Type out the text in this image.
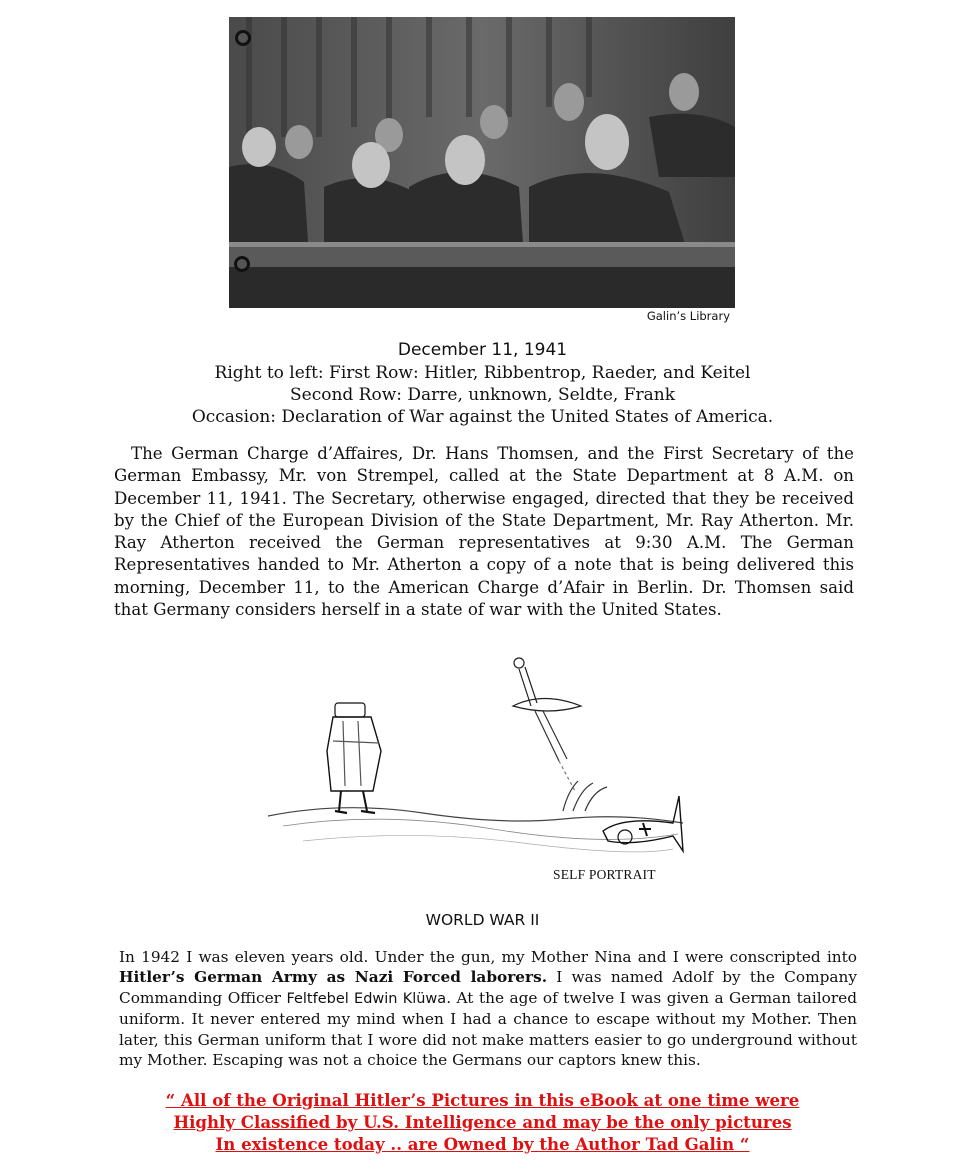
Galin’s Library
December 11, 1941
Right to left: First Row: Hitler, Ribbentrop, Raeder, and Keitel
Second Row: Darre, unknown, Seldte, Frank
Occasion: Declaration of War against the United States of America.

The German Charge d’Affaires, Dr. Hans Thomsen, and the First Secretary of the German Embassy, Mr. von Strempel, called at the State Department at 8 A.M. on December 11, 1941. The Secretary, otherwise engaged, directed that they be received by the Chief of the European Division of the State Department, Mr. Ray Atherton. Mr. Ray Atherton received the German representatives at 9:30 A.M. The German Representatives handed to Mr. Atherton a copy of a note that is being delivered this morning, December 11, to the American Charge d’Afair in Berlin. Dr. Thomsen said that Germany considers herself in a state of war with the United States.

SELF PORTRAIT
WORLD WAR II

In 1942 I was eleven years old. Under the gun, my Mother Nina and I were conscripted into Hitler’s German Army as Nazi Forced laborers. I was named Adolf by the Company Commanding Officer Feltfebel Edwin Klüwa. At the age of twelve I was given a German tailored uniform. It never entered my mind when I had a chance to escape without my Mother. Then later, this German uniform that I wore did not make matters easier to go underground without my Mother. Escaping was not a choice the Germans our captors knew this.

“ All of the Original Hitler’s Pictures in this eBook at one time were
Highly Classified by U.S. Intelligence and may be the only pictures
In existence today .. are Owned by the Author Tad Galin “
